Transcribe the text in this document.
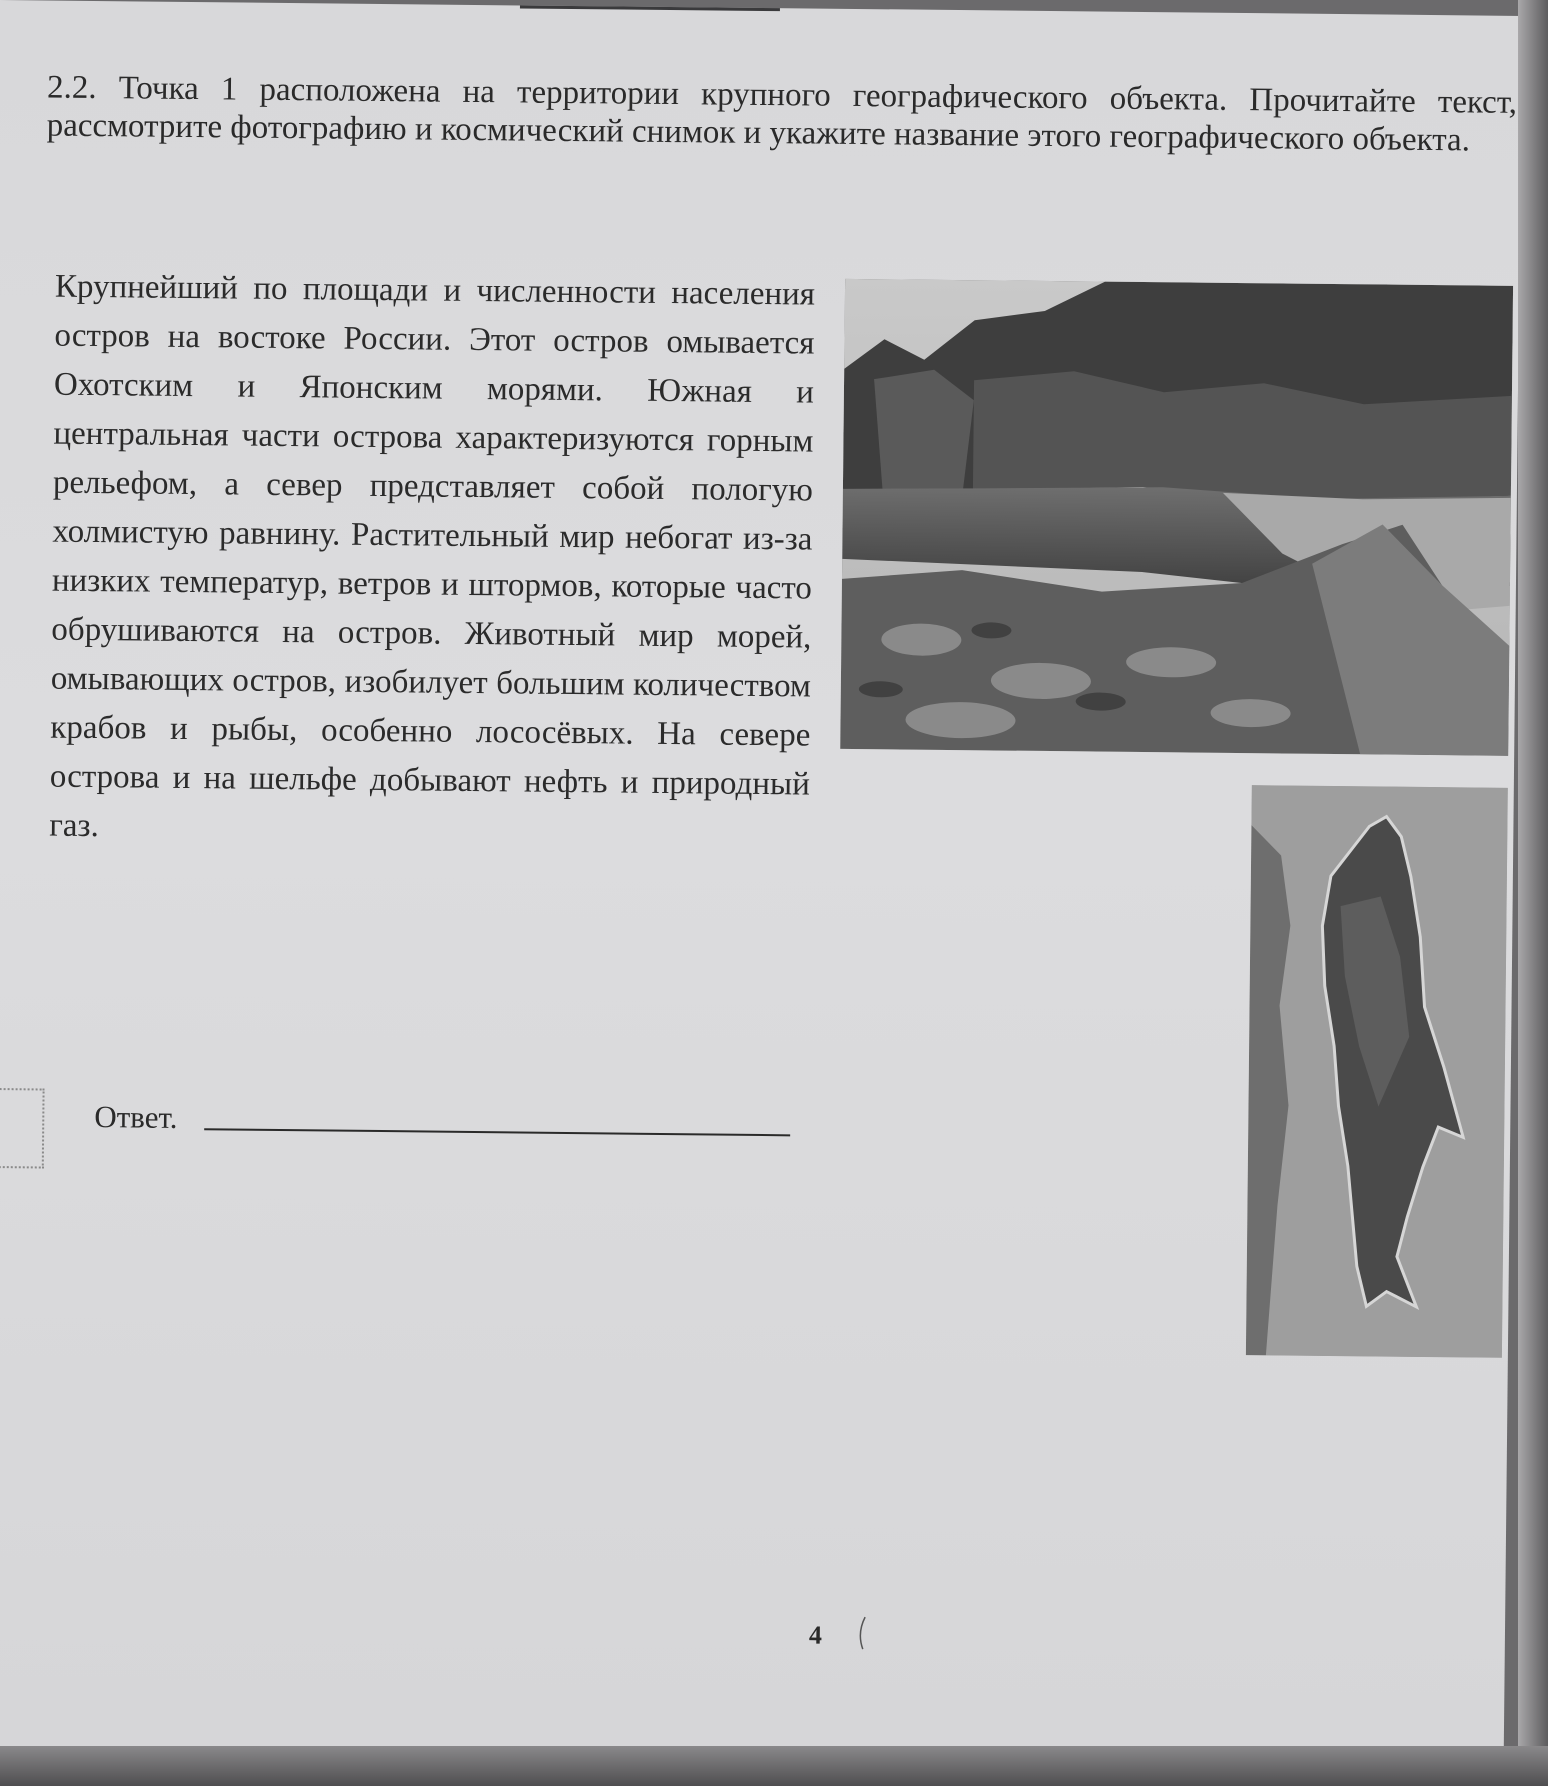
2.2. Точка 1 расположена на территории крупного географического объекта. Прочитайте текст, рассмотрите фотографию и космический снимок и укажите название этого географического объекта.
Крупнейший по площади и численности населения остров на востоке России. Этот остров омывается Охотским и Японским морями. Южная и центральная части острова характеризуются горным рельефом, а север представляет собой пологую холмистую равнину. Растительный мир небогат из-за низких температур, ветров и штормов, которые часто обрушиваются на остров. Животный мир морей, омывающих остров, изобилует большим количеством крабов и рыбы, особенно лососёвых. На севере острова и на шельфе добывают нефть и природный газ.
Ответ.
4
